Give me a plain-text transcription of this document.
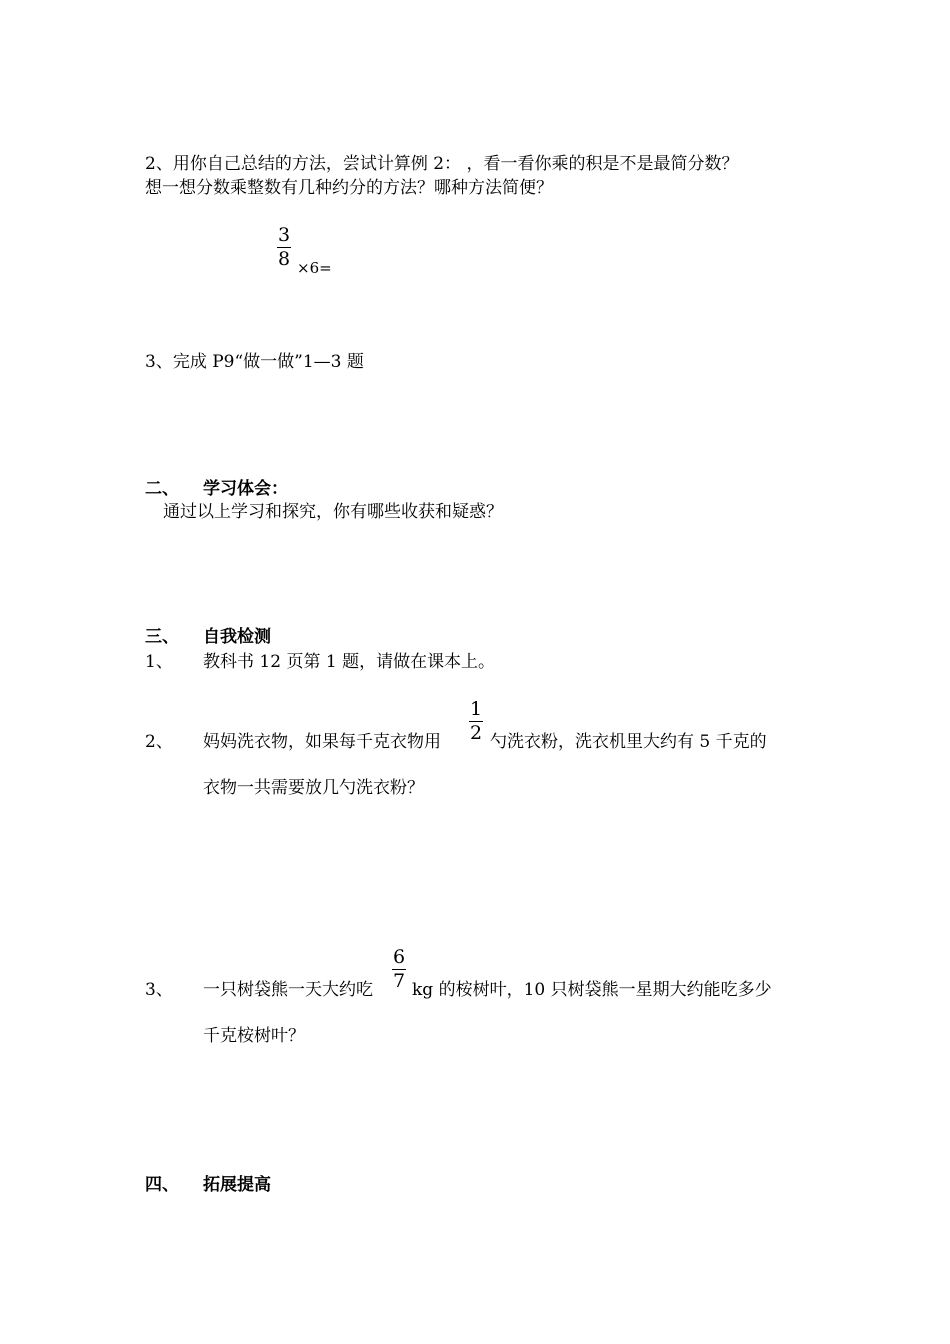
2、用你自己总结的方法，尝试计算例 2： ，看一看你乘的积是不是最简分数？
想一想分数乘整数有几种约分的方法？哪种方法简便？
3
8 ×6=
3、完成 P9“做一做”1—3 题
二、 学习体会：
通过以上学习和探究，你有哪些收获和疑惑？
三、 自我检测
1、 教科书 12 页第 1 题，请做在课本上。
2、 妈妈洗衣物，如果每千克衣物用
1
2 勺洗衣粉，洗衣机里大约有 5 千克的
衣物一共需要放几勺洗衣粉？
3、 一只树袋熊一天大约吃
6
7 kg 的桉树叶，10 只树袋熊一星期大约能吃多少
千克桉树叶？
四、 拓展提高
